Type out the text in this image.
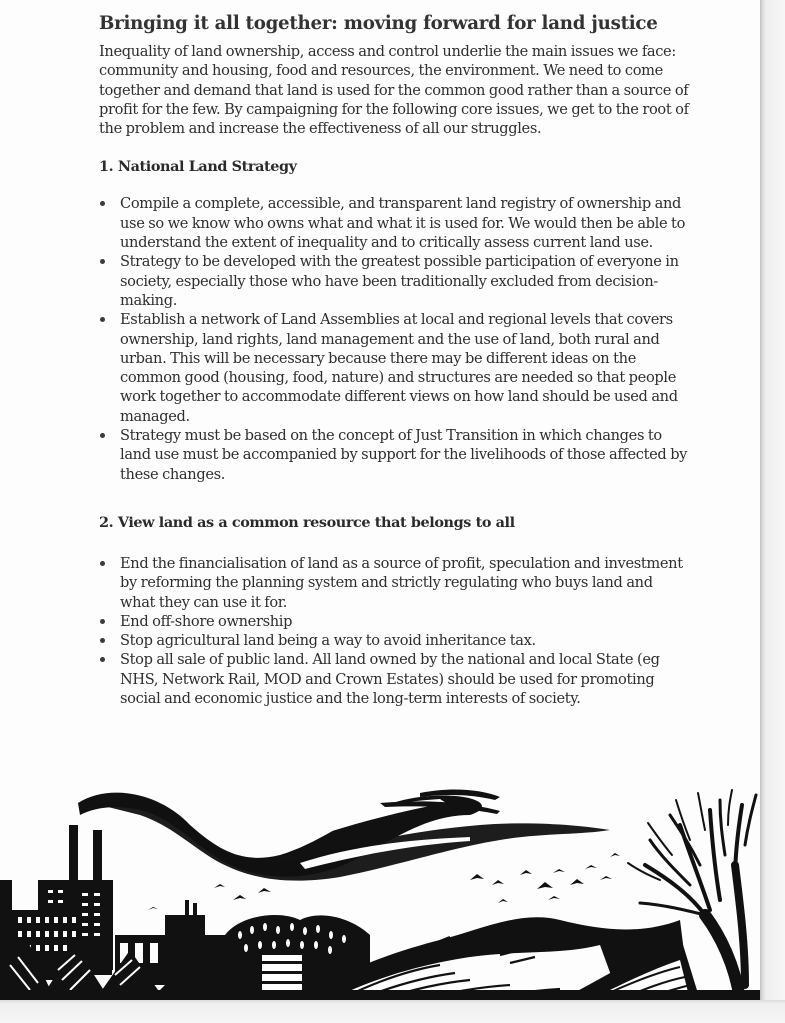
Bringing it all together: moving forward for land justice

Inequality of land ownership, access and control underlie the main issues we face: community and housing, food and resources, the environment. We need to come together and demand that land is used for the common good rather than a source of profit for the few. By campaigning for the following core issues, we get to the root of the problem and increase the effectiveness of all our struggles.

1. National Land Strategy
Compile a complete, accessible, and transparent land registry of ownership and use so we know who owns what and what it is used for. We would then be able to understand the extent of inequality and to critically assess current land use.
Strategy to be developed with the greatest possible participation of everyone in society, especially those who have been traditionally excluded from decision-making.
Establish a network of Land Assemblies at local and regional levels that covers ownership, land rights, land management and the use of land, both rural and urban. This will be necessary because there may be different ideas on the common good (housing, food, nature) and structures are needed so that people work together to accommodate different views on how land should be used and managed.
Strategy must be based on the concept of Just Transition in which changes to land use must be accompanied by support for the livelihoods of those affected by these changes.
2. View land as a common resource that belongs to all
End the financialisation of land as a source of profit, speculation and investment by reforming the planning system and strictly regulating who buys land and what they can use it for.
End off-shore ownership
Stop agricultural land being a way to avoid inheritance tax.
Stop all sale of public land. All land owned by the national and local State (eg NHS, Network Rail, MOD and Crown Estates) should be used for promoting social and economic justice and the long-term interests of society.
